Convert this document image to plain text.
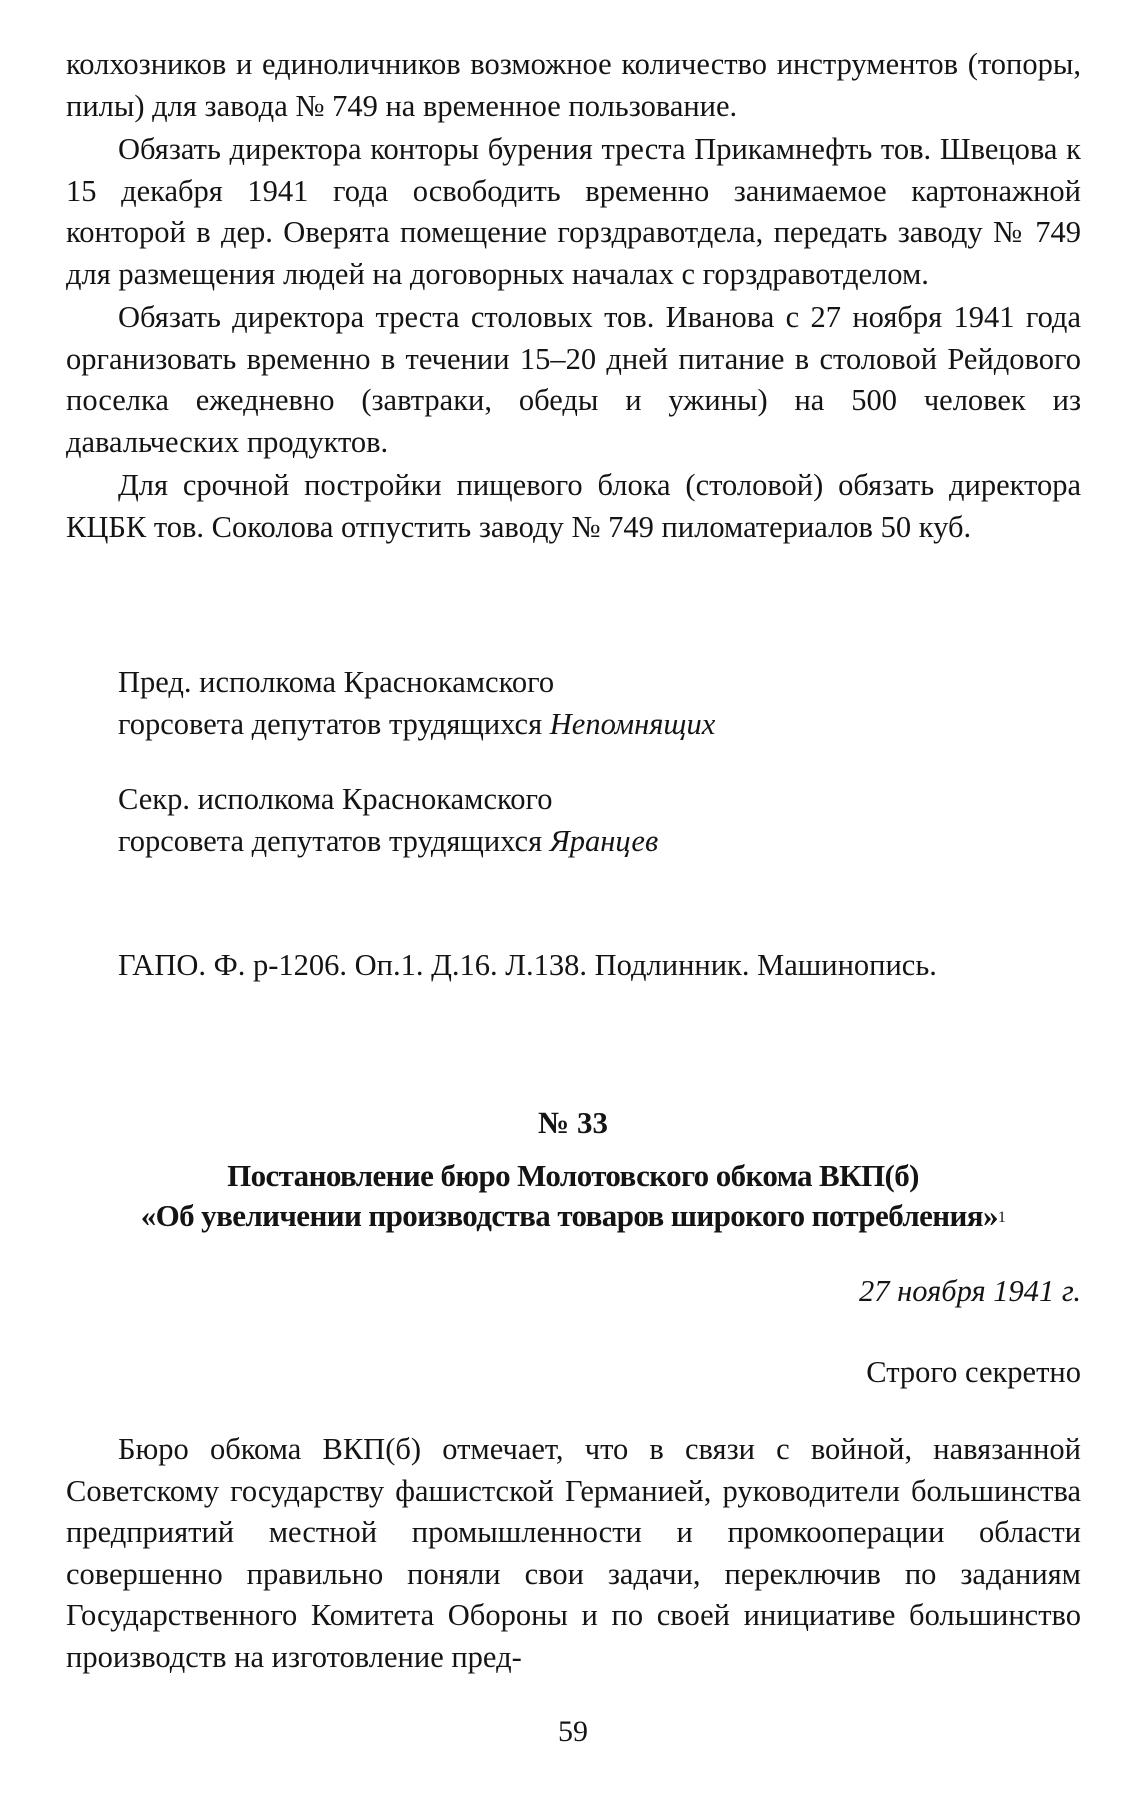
колхозников и единоличников возможное количество инструментов (топоры, пилы) для завода № 749 на временное пользование.

Обязать директора конторы бурения треста Прикамнефть тов. Швецова к 15 декабря 1941 года освободить временно занимаемое картонажной конторой в дер. Оверята помещение горздравотдела, передать заводу № 749 для размещения людей на договорных началах с горздравотделом.

Обязать директора треста столовых тов. Иванова с 27 ноября 1941 года организовать временно в течении 15–20 дней питание в столовой Рейдового поселка ежедневно (завтраки, обеды и ужины) на 500 человек из давальческих продуктов.

Для срочной постройки пищевого блока (столовой) обязать директора КЦБК тов. Соколова отпустить заводу № 749 пиломатериалов 50 куб.

Пред. исполкома Краснокамского
горсовета депутатов трудящихся Непомнящих
Секр. исполкома Краснокамского
горсовета депутатов трудящихся Яранцев
ГАПО. Ф. р-1206. Оп.1. Д.16. Л.138. Подлинник. Машинопись.
№ 33
Постановление бюро Молотовского обкома ВКП(б)
«Об увеличении производства товаров широкого потребления»$^1$
27 ноября 1941 г.
Строго секретно

Бюро обкома ВКП(б) отмечает, что в связи с войной, навязанной Советскому государству фашистской Германией, руководители большинства предприятий местной промышленности и промкооперации области совершенно правильно поняли свои задачи, переключив по заданиям Государственного Комитета Обороны и по своей инициативе большинство производств на изготовление пред-

59
